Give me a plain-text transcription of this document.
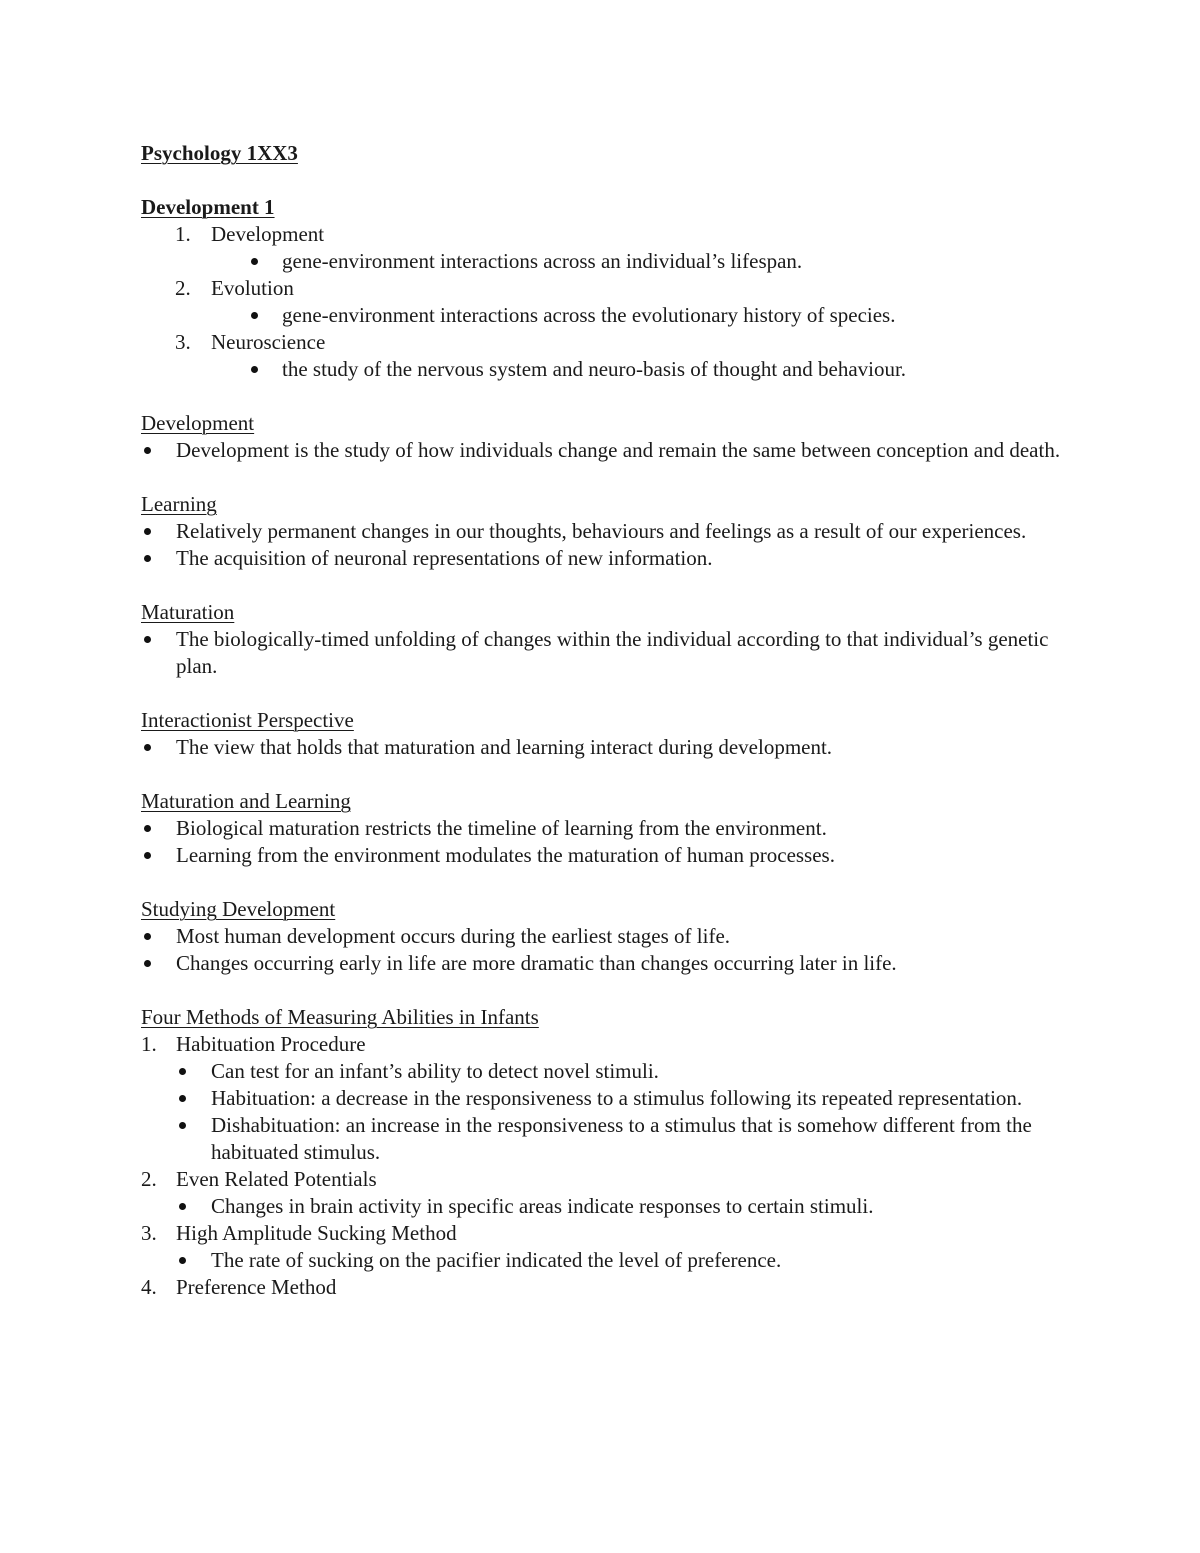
Psychology 1XX3
Development 1
1. Development
gene-environment interactions across an individual’s lifespan.
2. Evolution
gene-environment interactions across the evolutionary history of species.
3. Neuroscience
the study of the nervous system and neuro-basis of thought and behaviour.
Development
Development is the study of how individuals change and remain the same between conception and death.
Learning
Relatively permanent changes in our thoughts, behaviours and feelings as a result of our experiences.
The acquisition of neuronal representations of new information.
Maturation
The biologically-timed unfolding of changes within the individual according to that individual’s genetic plan.
Interactionist Perspective
The view that holds that maturation and learning interact during development.
Maturation and Learning
Biological maturation restricts the timeline of learning from the environment.
Learning from the environment modulates the maturation of human processes.
Studying Development
Most human development occurs during the earliest stages of life.
Changes occurring early in life are more dramatic than changes occurring later in life.
Four Methods of Measuring Abilities in Infants
1. Habituation Procedure
Can test for an infant’s ability to detect novel stimuli.
Habituation: a decrease in the responsiveness to a stimulus following its repeated representation.
Dishabituation: an increase in the responsiveness to a stimulus that is somehow different from the habituated stimulus.
2. Even Related Potentials
Changes in brain activity in specific areas indicate responses to certain stimuli.
3. High Amplitude Sucking Method
The rate of sucking on the pacifier indicated the level of preference.
4. Preference Method
